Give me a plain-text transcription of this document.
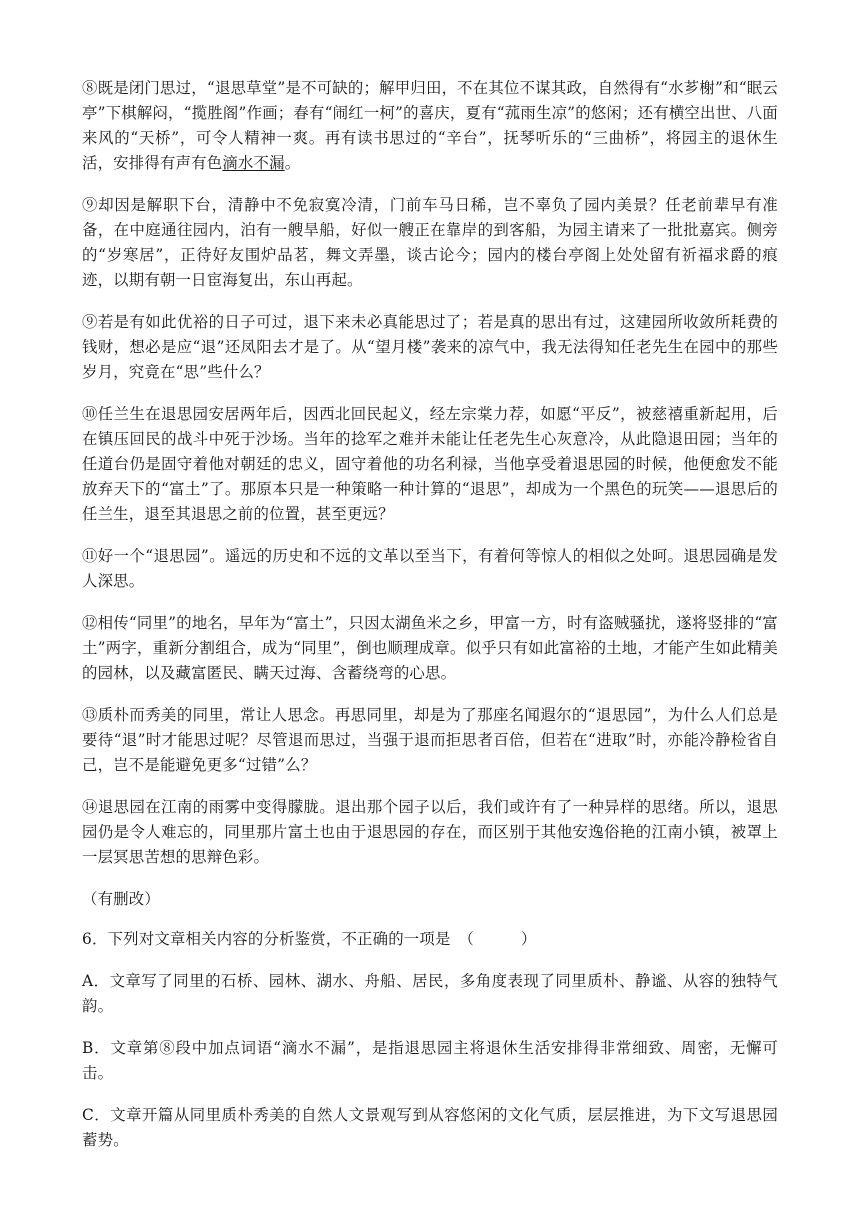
⑧既是闭门思过，“退思草堂”是不可缺的；解甲归田，不在其位不谋其政，自然得有“水芗榭”和“眠云亭”下棋解闷，“揽胜阁”作画；春有“闹红一柯”的喜庆，夏有“菰雨生凉”的悠闲；还有横空出世、八面来风的“天桥”，可令人精神一爽。再有读书思过的“辛台”，抚琴听乐的“三曲桥”，将园主的退休生活，安排得有声有色滴水不漏。

⑨却因是解职下台，清静中不免寂寞冷清，门前车马日稀，岂不辜负了园内美景？任老前辈早有准备，在中庭通往园内，泊有一艘旱船，好似一艘正在靠岸的到客船，为园主请来了一批批嘉宾。侧旁的“岁寒居”，正待好友围炉品茗，舞文弄墨，谈古论今；园内的楼台亭阁上处处留有祈福求爵的痕迹，以期有朝一日宦海复出，东山再起。

⑨若是有如此优裕的日子可过，退下来未必真能思过了；若是真的思出有过，这建园所收敛所耗费的钱财，想必是应“退”还凤阳去才是了。从“望月楼”袭来的凉气中，我无法得知任老先生在园中的那些岁月，究竟在“思”些什么？

⑩任兰生在退思园安居两年后，因西北回民起义，经左宗棠力荐，如愿“平反”，被慈禧重新起用，后在镇压回民的战斗中死于沙场。当年的捻军之难并未能让任老先生心灰意冷，从此隐退田园；当年的任道台仍是固守着他对朝廷的忠义，固守着他的功名利禄，当他享受着退思园的时候，他便愈发不能放弃天下的“富土”了。那原本只是一种策略一种计算的“退思”，却成为一个黑色的玩笑——退思后的任兰生，退至其退思之前的位置，甚至更远？

⑪好一个“退思园”。遥远的历史和不远的文革以至当下，有着何等惊人的相似之处呵。退思园确是发人深思。

⑫相传“同里”的地名，早年为“富土”，只因太湖鱼米之乡，甲富一方，时有盗贼骚扰，遂将竖排的“富土”两字，重新分割组合，成为“同里”，倒也顺理成章。似乎只有如此富裕的土地，才能产生如此精美的园林，以及藏富匿民、瞒天过海、含蓄绕弯的心思。

⑬质朴而秀美的同里，常让人思念。再思同里，却是为了那座名闻遐尔的“退思园”，为什么人们总是要待“退”时才能思过呢？尽管退而思过，当强于退而拒思者百倍，但若在“进取”时，亦能冷静检省自己，岂不是能避免更多“过错”么？

⑭退思园在江南的雨雾中变得朦胧。退出那个园子以后，我们或许有了一种异样的思绪。所以，退思园仍是令人难忘的，同里那片富土也由于退思园的存在，而区别于其他安逸俗艳的江南小镇，被罩上一层冥思苦想的思辩色彩。

（有删改）

6．下列对文章相关内容的分析鉴赏，不正确的一项是　（　　　）

A．文章写了同里的石桥、园林、湖水、舟船、居民，多角度表现了同里质朴、静谧、从容的独特气韵。

B．文章第⑧段中加点词语“滴水不漏”，是指退思园主将退休生活安排得非常细致、周密，无懈可击。

C．文章开篇从同里质朴秀美的自然人文景观写到从容悠闲的文化气质，层层推进，为下文写退思园蓄势。
